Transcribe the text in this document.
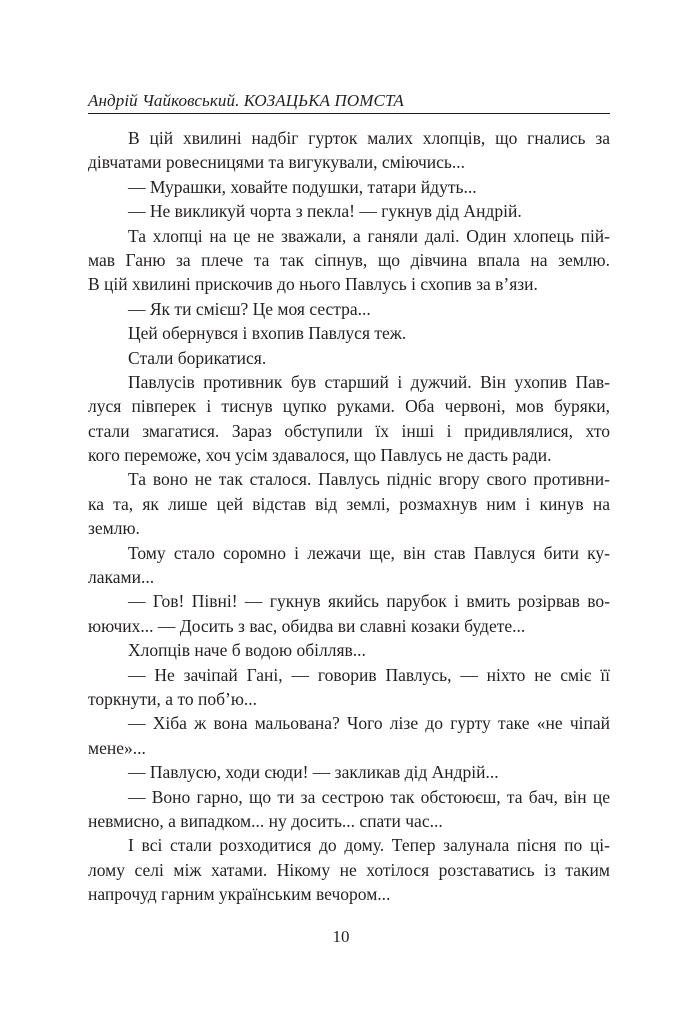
Андрій Чайковський. КОЗАЦЬКА ПОМСТА
В цій хвилині надбіг гурток малих хлопців, що гнались за
дівчатами ровесницями та вигукували, сміючись...
— Мурашки, ховайте подушки, татари йдуть...
— Не викликуй чорта з пекла! — гукнув дід Андрій.
Та хлопці на це не зважали, а ганяли далі. Один хлопець пій-
мав Ганю за плече та так сіпнув, що дівчина впала на землю.
В цій хвилині прискочив до нього Павлусь і схопив за в’язи.
— Як ти смієш? Це моя сестра...
Цей обернувся і вхопив Павлуся теж.
Стали борикатися.
Павлусів противник був старший і дужчий. Він ухопив Пав-
луся півперек і тиснув цупко руками. Оба червоні, мов буряки,
стали змагатися. Зараз обступили їх інші і придивлялися, хто
кого переможе, хоч усім здавалося, що Павлусь не дасть ради.
Та воно не так сталося. Павлусь підніс вгору свого противни-
ка та, як лише цей відстав від землі, розмахнув ним і кинув на
землю.
Тому стало соромно і лежачи ще, він став Павлуся бити ку-
лаками...
— Гов! Півні! — гукнув якийсь парубок і вмить розірвав во-
юючих... — Досить з вас, обидва ви славні козаки будете...
Хлопців наче б водою обілляв...
— Не зачіпай Гані, — говорив Павлусь, — ніхто не сміє її
торкнути, а то поб’ю...
— Хіба ж вона мальована? Чого лізе до гурту таке «не чіпай
мене»...
— Павлусю, ходи сюди! — закликав дід Андрій...
— Воно гарно, що ти за сестрою так обстоюєш, та бач, він це
невмисно, а випадком... ну досить... спати час...
І всі стали розходитися до дому. Тепер залунала пісня по ці-
лому селі між хатами. Нікому не хотілося розставатись із таким
напрочуд гарним українським вечором...
10
